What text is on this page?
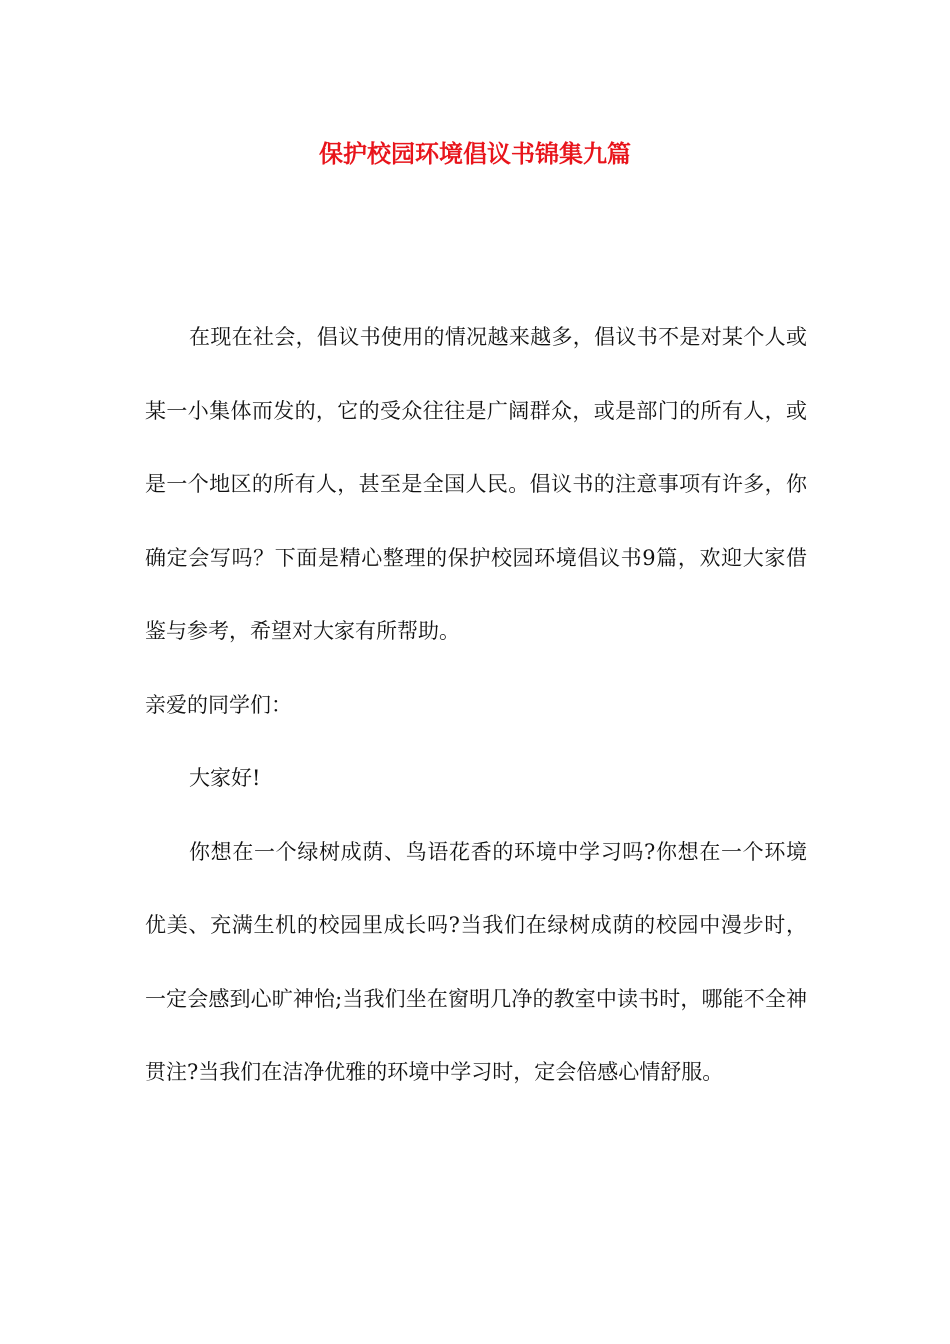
保护校园环境倡议书锦集九篇

在现在社会，倡议书使用的情况越来越多，倡议书不是对某个人或某一小集体而发的，它的受众往往是广阔群众，或是部门的所有人，或是一个地区的所有人，甚至是全国人民。倡议书的注意事项有许多，你确定会写吗？下面是精心整理的保护校园环境倡议书9篇，欢迎大家借鉴与参考，希望对大家有所帮助。

亲爱的同学们：

大家好!

你想在一个绿树成荫、鸟语花香的环境中学习吗?你想在一个环境优美、充满生机的校园里成长吗?当我们在绿树成荫的校园中漫步时，一定会感到心旷神怡;当我们坐在窗明几净的教室中读书时，哪能不全神贯注?当我们在洁净优雅的环境中学习时，定会倍感心情舒服。
